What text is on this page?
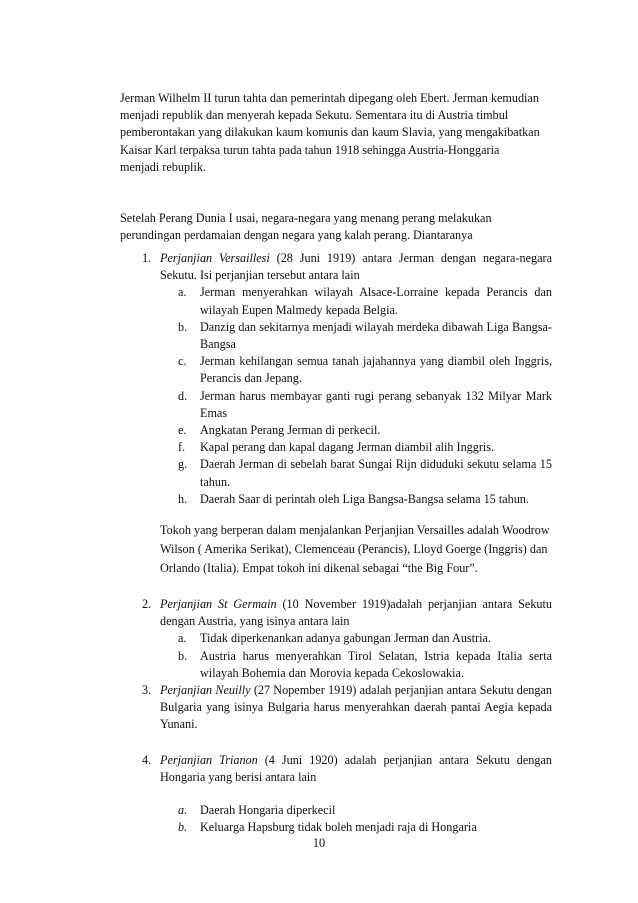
Jerman Wilhelm II turun tahta dan pemerintah dipegang oleh Ebert. Jerman kemudian menjadi republik dan menyerah kepada Sekutu. Sementara itu di Austria timbul pemberontakan yang dilakukan kaum komunis dan kaum Slavia, yang mengakibatkan Kaisar Karl terpaksa turun tahta pada tahun 1918 sehingga Austria-Honggaria menjadi rebuplik.
Setelah Perang Dunia I usai, negara-negara yang menang perang melakukan perundingan perdamaian dengan negara yang kalah perang. Diantaranya
1. Perjanjian Versaillesi (28 Juni 1919) antara Jerman dengan negara-negara Sekutu. Isi perjanjian tersebut antara lain
a. Jerman menyerahkan wilayah Alsace-Lorraine kepada Perancis dan wilayah Eupen Malmedy kepada Belgia.
b. Danzig dan sekitarnya menjadi wilayah merdeka dibawah Liga Bangsa-Bangsa
c. Jerman kehilangan semua tanah jajahannya yang diambil oleh Inggris, Perancis dan Jepang.
d. Jerman harus membayar ganti rugi perang sebanyak 132 Milyar Mark Emas
e. Angkatan Perang Jerman di perkecil.
f. Kapal perang dan kapal dagang Jerman diambil alih Inggris.
g. Daerah Jerman di sebelah barat Sungai Rijn diduduki sekutu selama 15 tahun.
h. Daerah Saar di perintah oleh Liga Bangsa-Bangsa selama 15 tahun.
Tokoh yang berperan dalam menjalankan Perjanjian Versailles adalah Woodrow Wilson ( Amerika Serikat), Clemenceau (Perancis), Lloyd Goerge (Inggris) dan Orlando (Italia). Empat tokoh ini dikenal sebagai “the Big Four”.
2. Perjanjian St Germain (10 November 1919)adalah perjanjian antara Sekutu dengan Austria, yang isinya antara lain
a. Tidak diperkenankan adanya gabungan Jerman dan Austria.
b. Austria harus menyerahkan Tirol Selatan, Istria kepada Italia serta wilayah Bohemia dan Morovia kepada Cekoslowakia.
3. Perjanjian Neuilly (27 Nopember 1919) adalah perjanjian antara Sekutu dengan Bulgaria yang isinya Bulgaria harus menyerahkan daerah pantai Aegia kepada Yunani.
4. Perjanjian Trianon (4 Juni 1920) adalah perjanjian antara Sekutu dengan Hongaria yang berisi antara lain
a. Daerah Hongaria diperkecil
b. Keluarga Hapsburg tidak boleh menjadi raja di Hongaria
10
